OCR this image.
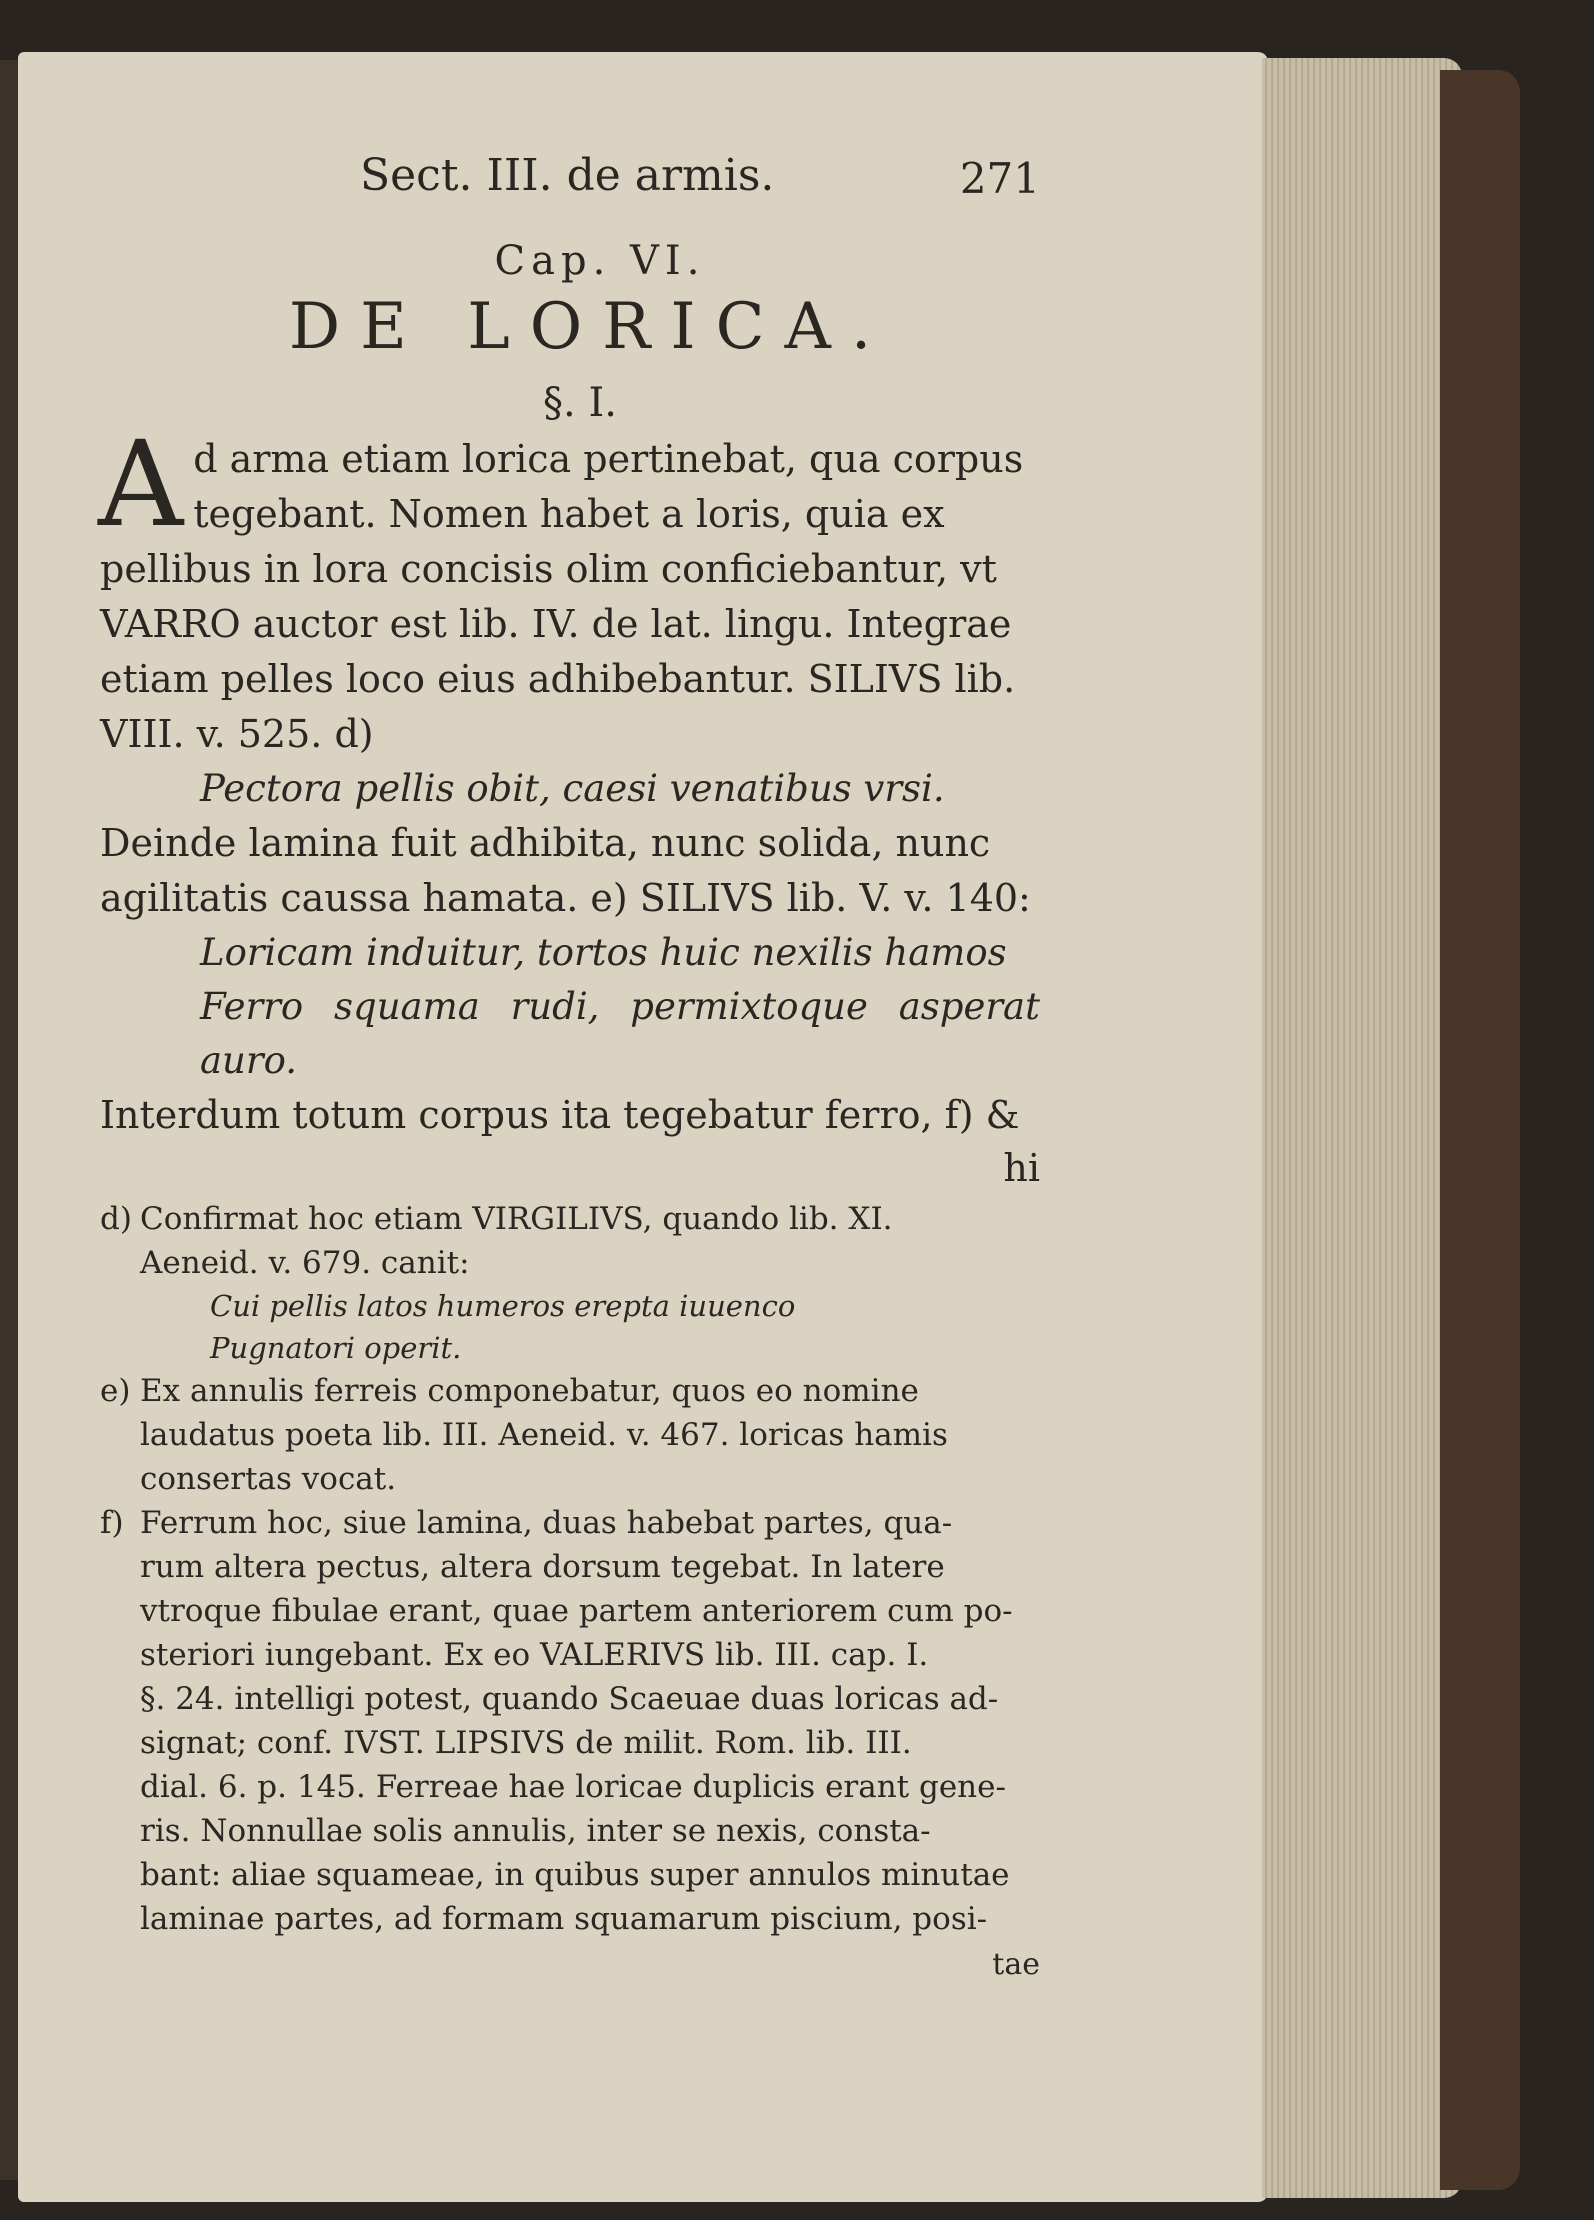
Sect. III. de armis.	271
Cap. VI.
DE LORICA.
§. I.
A d arma etiam lorica pertinebat, qua corpus
tegebant. Nomen habet a loris, quia ex
pellibus in lora concisis olim conficiebantur, vt
VARRO auctor est lib. IV. de lat. lingu. Integrae
etiam pelles loco eius adhibebantur. SILIVS lib.
VIII. v. 525. d)
Pectora pellis obit, caesi venatibus vrsi.
Deinde lamina fuit adhibita, nunc solida, nunc
agilitatis caussa hamata. e) SILIVS lib. V. v. 140:
Loricam induitur, tortos huic nexilis hamos
Ferro squama rudi, permixtoque asperat auro.
Interdum totum corpus ita tegebatur ferro, f) &
hi
d) Confirmat hoc etiam VIRGILIVS, quando lib. XI.
Aeneid. v. 679. canit:
Cui pellis latos humeros erepta iuuenco
Pugnatori operit.
e) Ex annulis ferreis componebatur, quos eo nomine
laudatus poeta lib. III. Aeneid. v. 467. loricas hamis
consertas vocat.
f) Ferrum hoc, siue lamina, duas habebat partes, qua-
rum altera pectus, altera dorsum tegebat. In latere
vtroque fibulae erant, quae partem anteriorem cum po-
steriori iungebant. Ex eo VALERIVS lib. III. cap. I.
§. 24. intelligi potest, quando Scaeuae duas loricas ad-
signat; conf. IVST. LIPSIVS de milit. Rom. lib. III.
dial. 6. p. 145. Ferreae hae loricae duplicis erant gene-
ris. Nonnullae solis annulis, inter se nexis, consta-
bant: aliae squameae, in quibus super annulos minutae
laminae partes, ad formam squamarum piscium, posi-
tae
